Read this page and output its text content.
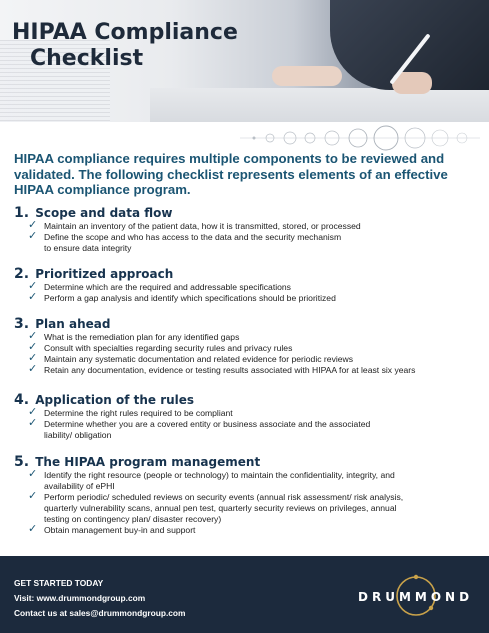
HIPAA Compliance
Checklist

HIPAA compliance requires multiple components to be reviewed and validated. The following checklist represents elements of an effective HIPAA compliance program.

1. Scope and data flow
✓ Maintain an inventory of the patient data, how it is transmitted, stored, or processed
✓ Define the scope and who has access to the data and the security mechanism
to ensure data integrity
2. Prioritized approach
✓ Determine which are the required and addressable specifications
✓ Perform a gap analysis and identify which specifications should be prioritized
3. Plan ahead
✓ What is the remediation plan for any identified gaps
✓ Consult with specialties regarding security rules and privacy rules
✓ Maintain any systematic documentation and related evidence for periodic reviews
✓ Retain any documentation, evidence or testing results associated with HIPAA for at least six years
4. Application of the rules
✓ Determine the right rules required to be compliant
✓ Determine whether you are a covered entity or business associate and the associated
liability/ obligation
5. The HIPAA program management
✓ Identify the right resource (people or technology) to maintain the confidentiality, integrity, and
availability of ePHI
✓ Perform periodic/ scheduled reviews on security events (annual risk assessment/ risk analysis,
quarterly vulnerability scans, annual pen test, quarterly security reviews on privileges, annual
testing on contingency plan/ disaster recovery)
✓ Obtain management buy-in and support

GET STARTED TODAY
Visit: www.drummondgroup.com
Contact us at sales@drummondgroup.com

DRUMMOND
